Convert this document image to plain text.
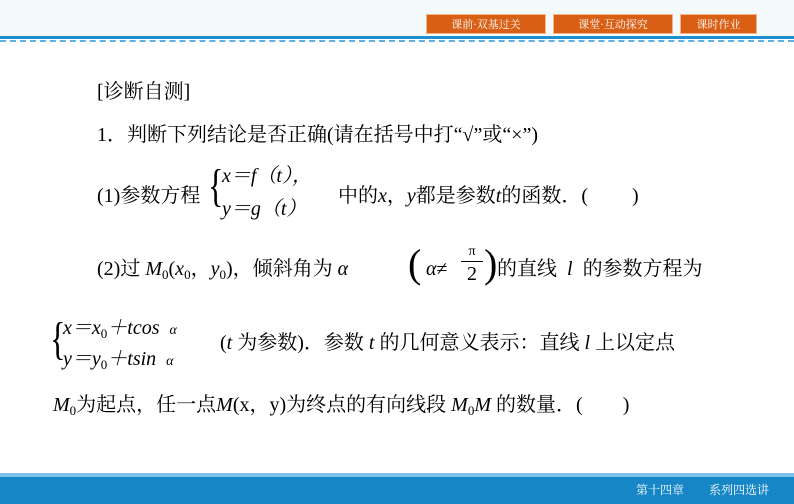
课前·双基过关	课堂·互动探究	课时作业
[诊断自测]
1．判断下列结论是否正确(请在括号中打“√”或“×”)
(1)参数方程 {
x＝f（t），
y＝g（t）
中的x，y都是参数t的函数．( )
(2)过 $M_0(x_0$，$y_0$)，倾斜角为 α ( α≠
π
2 ) 的直线 l 的参数方程为
{
$x=x_0+tcos$ α
$y=y_0+tsin$ α
(t 为参数)．参数 t 的几何意义表示：直线 l 上以定点
$M_0$为起点，任一点M(x，y)为终点的有向线段 $M_0M$ 的数量．( )
第十四章 系列四选讲
